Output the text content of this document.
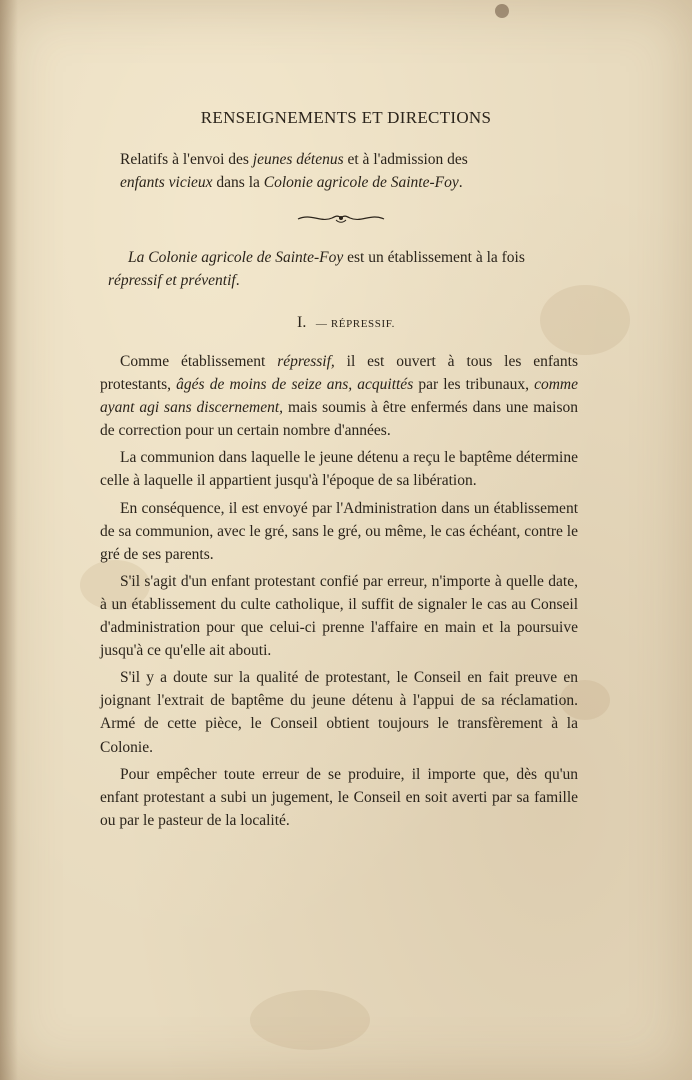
RENSEIGNEMENTS ET DIRECTIONS
Relatifs à l'envoi des jeunes détenus et à l'admission des
enfants vicieux dans la Colonie agricole de Sainte-Foy.
La Colonie agricole de Sainte-Foy est un établissement à la fois répressif et préventif.
I. — RÉPRESSIF.

Comme établissement répressif, il est ouvert à tous les enfants protestants, âgés de moins de seize ans, acquittés par les tribunaux, comme ayant agi sans discernement, mais soumis à être enfermés dans une maison de correction pour un certain nombre d'années.

La communion dans laquelle le jeune détenu a reçu le baptême détermine celle à laquelle il appartient jusqu'à l'époque de sa libération.

En conséquence, il est envoyé par l'Administration dans un établissement de sa communion, avec le gré, sans le gré, ou même, le cas échéant, contre le gré de ses parents.

S'il s'agit d'un enfant protestant confié par erreur, n'importe à quelle date, à un établissement du culte catholique, il suffit de signaler le cas au Conseil d'administration pour que celui-ci prenne l'affaire en main et la poursuive jusqu'à ce qu'elle ait abouti.

S'il y a doute sur la qualité de protestant, le Conseil en fait preuve en joignant l'extrait de baptême du jeune détenu à l'appui de sa réclamation. Armé de cette pièce, le Conseil obtient toujours le transfèrement à la Colonie.

Pour empêcher toute erreur de se produire, il importe que, dès qu'un enfant protestant a subi un jugement, le Conseil en soit averti par sa famille ou par le pasteur de la localité.
